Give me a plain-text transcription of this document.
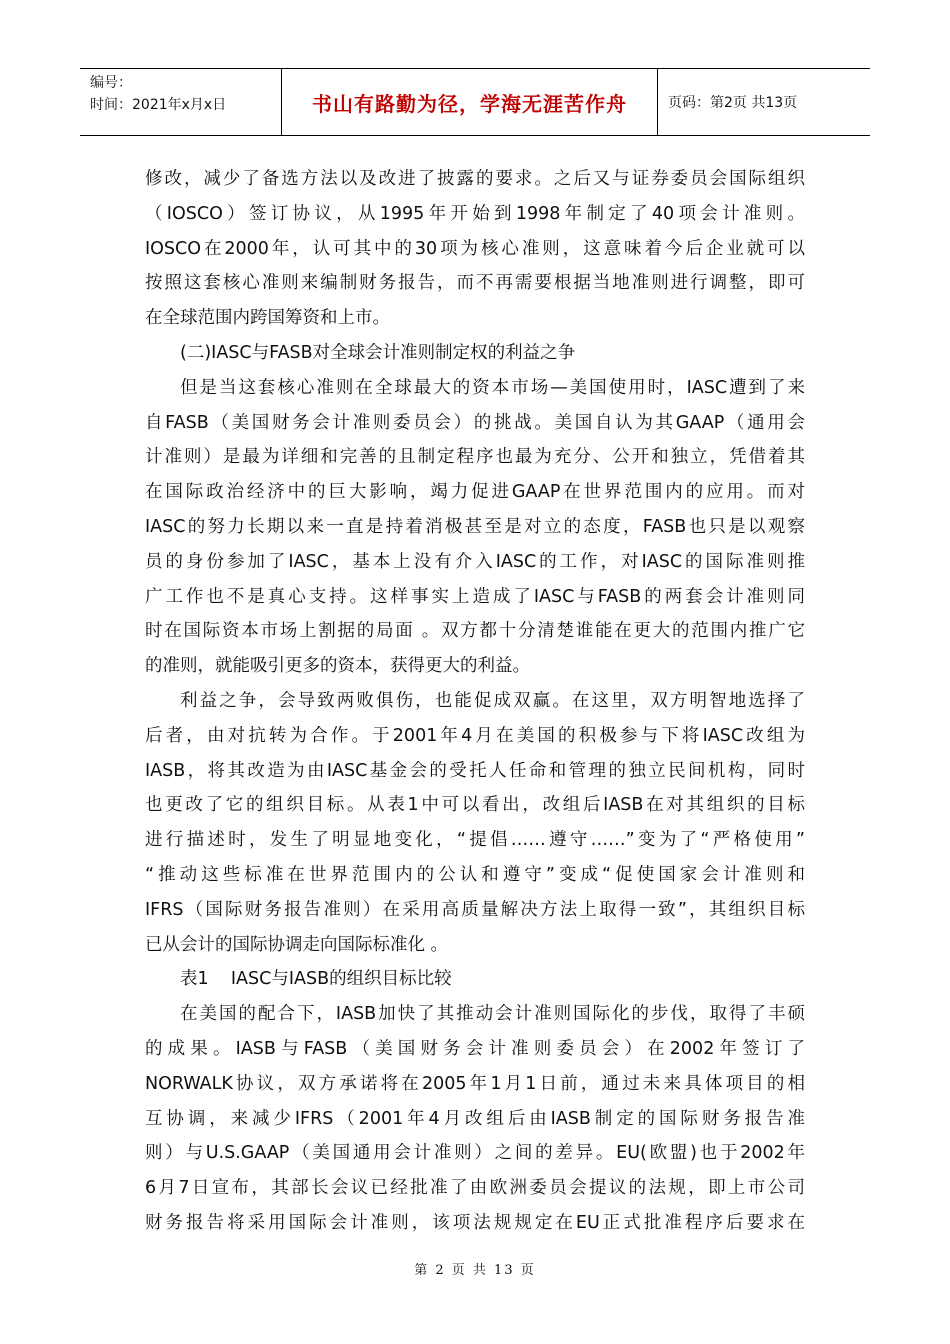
编号：
时间：2021年x月x日	书山有路勤为径，学海无涯苦作舟	页码：第2页 共13页
修改，减少了备选方法以及改进了披露的要求。之后又与证券委员会国际组织
（IOSCO）签订协议，从1995年开始到1998年制定了40项会计准则。
IOSCO在2000年，认可其中的30项为核心准则，这意味着今后企业就可以
按照这套核心准则来编制财务报告，而不再需要根据当地准则进行调整，即可
在全球范围内跨国筹资和上市。
(二)IASC与FASB对全球会计准则制定权的利益之争
但是当这套核心准则在全球最大的资本市场—美国使用时，IASC遭到了来
自FASB（美国财务会计准则委员会）的挑战。美国自认为其GAAP（通用会
计准则）是最为详细和完善的且制定程序也最为充分、公开和独立，凭借着其
在国际政治经济中的巨大影响，竭力促进GAAP在世界范围内的应用。而对
IASC的努力长期以来一直是持着消极甚至是对立的态度，FASB也只是以观察
员的身份参加了IASC，基本上没有介入IASC的工作，对IASC的国际准则推
广工作也不是真心支持。这样事实上造成了IASC与FASB的两套会计准则同
时在国际资本市场上割据的局面 。双方都十分清楚谁能在更大的范围内推广它
的准则，就能吸引更多的资本，获得更大的利益。
利益之争，会导致两败俱伤，也能促成双赢。在这里，双方明智地选择了
后者，由对抗转为合作。于2001年4月在美国的积极参与下将IASC改组为
IASB，将其改造为由IASC基金会的受托人任命和管理的独立民间机构，同时
也更改了它的组织目标。从表1中可以看出，改组后IASB在对其组织的目标
进行描述时，发生了明显地变化，“提倡……遵守……”变为了“严格使用”
“推动这些标准在世界范围内的公认和遵守”变成“促使国家会计准则和
IFRS（国际财务报告准则）在采用高质量解决方法上取得一致”，其组织目标
已从会计的国际协调走向国际标准化 。
表1    IASC与IASB的组织目标比较
在美国的配合下，IASB加快了其推动会计准则国际化的步伐，取得了丰硕
的成果。IASB与FASB（美国财务会计准则委员会）在2002年签订了
NORWALK协议，双方承诺将在2005年1月1日前，通过未来具体项目的相
互协调，来减少IFRS（2001年4月改组后由IASB制定的国际财务报告准
则）与U.S.GAAP（美国通用会计准则）之间的差异。EU(欧盟)也于2002年
6月7日宣布，其部长会议已经批准了由欧洲委员会提议的法规，即上市公司
财务报告将采用国际会计准则，该项法规规定在EU正式批准程序后要求在
第 2 页 共 13 页
